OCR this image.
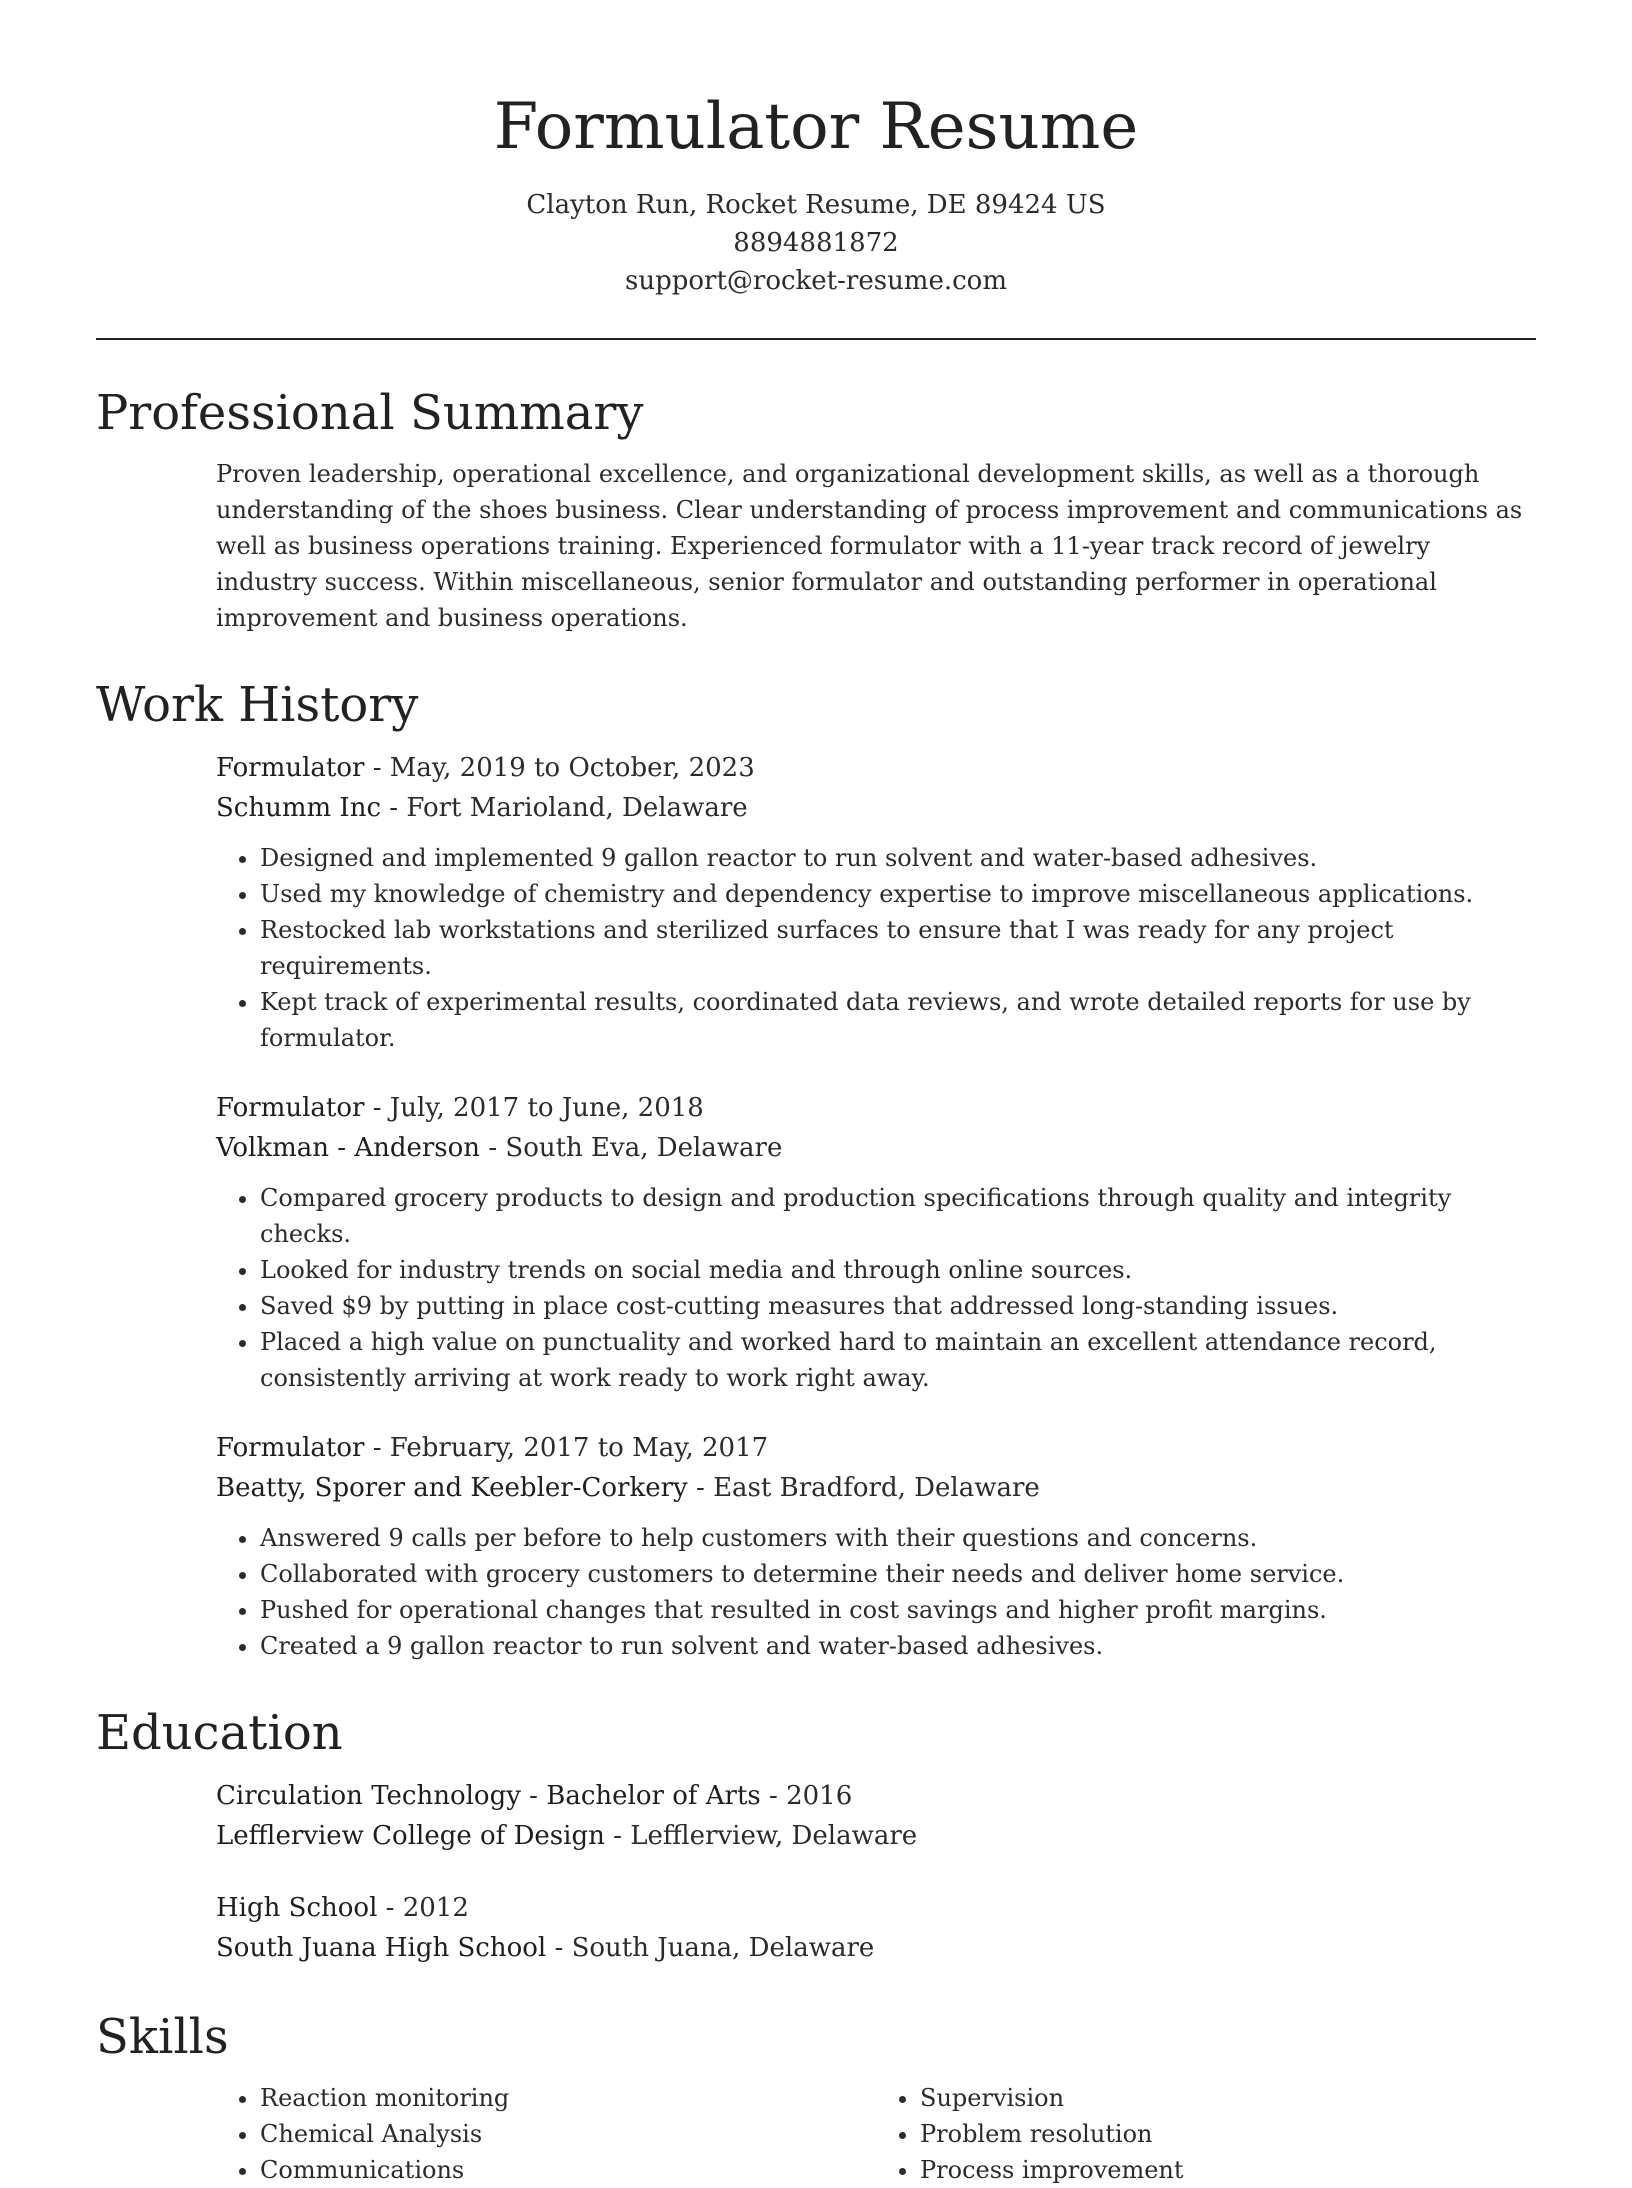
Formulator Resume
Clayton Run, Rocket Resume, DE 89424 US
8894881872
support@rocket-resume.com
Professional Summary

Proven leadership, operational excellence, and organizational development skills, as well as a thorough understanding of the shoes business. Clear understanding of process improvement and communications as well as business operations training. Experienced formulator with a 11-year track record of jewelry industry success. Within miscellaneous, senior formulator and outstanding performer in operational improvement and business operations.

Work History
Formulator - May, 2019 to October, 2023
Schumm Inc - Fort Marioland, Delaware
• Designed and implemented 9 gallon reactor to run solvent and water-based adhesives.
• Used my knowledge of chemistry and dependency expertise to improve miscellaneous applications.
• Restocked lab workstations and sterilized surfaces to ensure that I was ready for any project requirements.
• Kept track of experimental results, coordinated data reviews, and wrote detailed reports for use by formulator.
Formulator - July, 2017 to June, 2018
Volkman - Anderson - South Eva, Delaware
• Compared grocery products to design and production specifications through quality and integrity checks.
• Looked for industry trends on social media and through online sources.
• Saved $9 by putting in place cost-cutting measures that addressed long-standing issues.
• Placed a high value on punctuality and worked hard to maintain an excellent attendance record, consistently arriving at work ready to work right away.
Formulator - February, 2017 to May, 2017
Beatty, Sporer and Keebler-Corkery - East Bradford, Delaware
• Answered 9 calls per before to help customers with their questions and concerns.
• Collaborated with grocery customers to determine their needs and deliver home service.
• Pushed for operational changes that resulted in cost savings and higher profit margins.
• Created a 9 gallon reactor to run solvent and water-based adhesives.
Education
Circulation Technology - Bachelor of Arts - 2016
Lefflerview College of Design - Lefflerview, Delaware
High School - 2012
South Juana High School - South Juana, Delaware
Skills
• Reaction monitoring
• Chemical Analysis
• Communications
• Supervision
• Problem resolution
• Process improvement
